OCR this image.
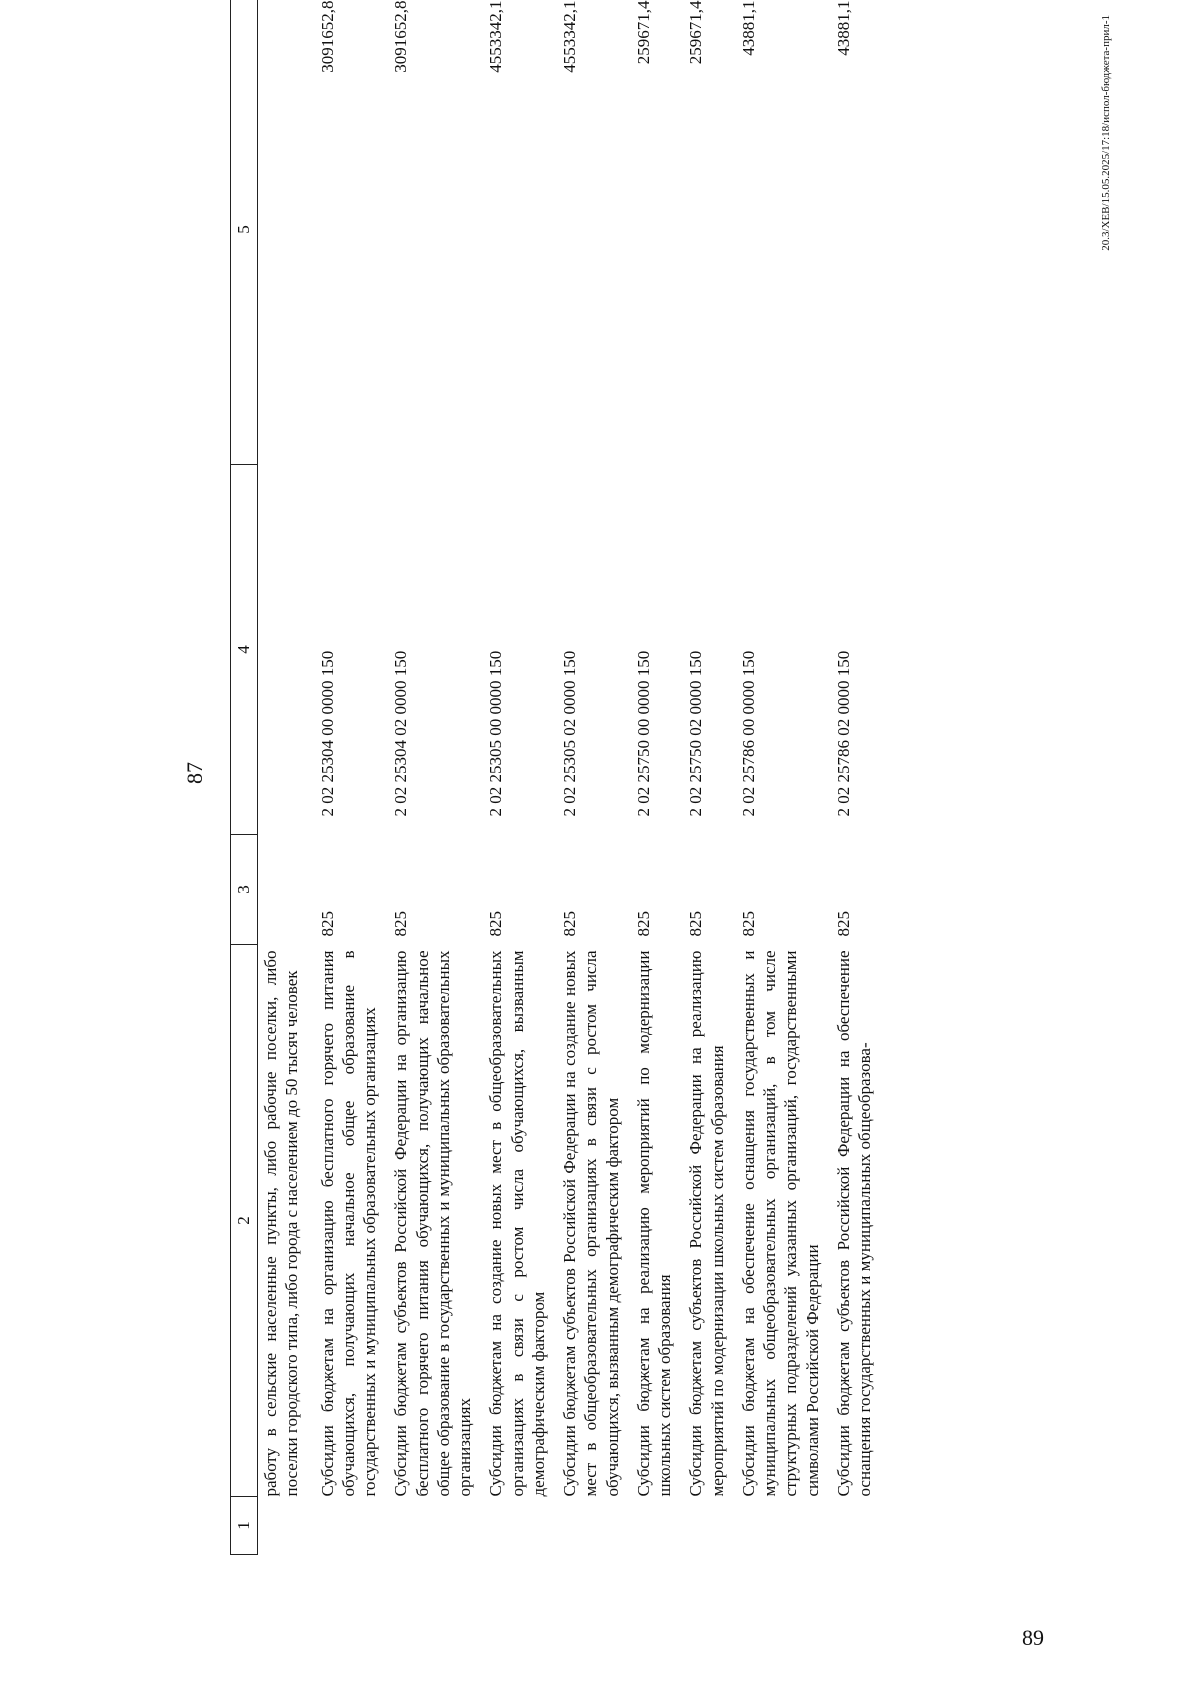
87
1	2	3	4	5
	работу в сельские населенные пункты, либо рабочие поселки, либо поселки городского типа, либо города с населением до 50 тысяч человек			
	Субсидии бюджетам на организацию бесплатного горячего питания обучающихся, получающих начальное общее образование в государственных и муниципальных образовательных организациях	825	2 02 25304 00 0000 150	3091652,8
	Субсидии бюджетам субъектов Российской Федерации на организацию бесплатного горячего питания обучающихся, получающих начальное общее образование в государственных и муниципальных образовательных организациях	825	2 02 25304 02 0000 150	3091652,8
	Субсидии бюджетам на создание новых мест в общеобразовательных организациях в связи с ростом числа обучающихся, вызванным демографическим фактором	825	2 02 25305 00 0000 150	4553342,1
	Субсидии бюджетам субъектов Российской Федерации на создание новых мест в общеобразовательных организациях в связи с ростом числа обучающихся, вызванным демографическим фактором	825	2 02 25305 02 0000 150	4553342,1
	Субсидии бюджетам на реализацию мероприятий по модернизации школьных систем образования	825	2 02 25750 00 0000 150	259671,4
	Субсидии бюджетам субъектов Российской Федерации на реализацию мероприятий по модернизации школьных систем образования	825	2 02 25750 02 0000 150	259671,4
	Субсидии бюджетам на обеспечение оснащения государственных и муниципальных общеобразовательных организаций, в том числе структурных подразделений указанных организаций, государственными символами Российской Федерации	825	2 02 25786 00 0000 150	43881,1
	Субсидии бюджетам субъектов Российской Федерации на обеспечение оснащения государственных и муниципальных общеобразова-	825	2 02 25786 02 0000 150	43881,1	20.3/XEB/15.05.2025/17:18/испол-бюджета-прил-1
89
